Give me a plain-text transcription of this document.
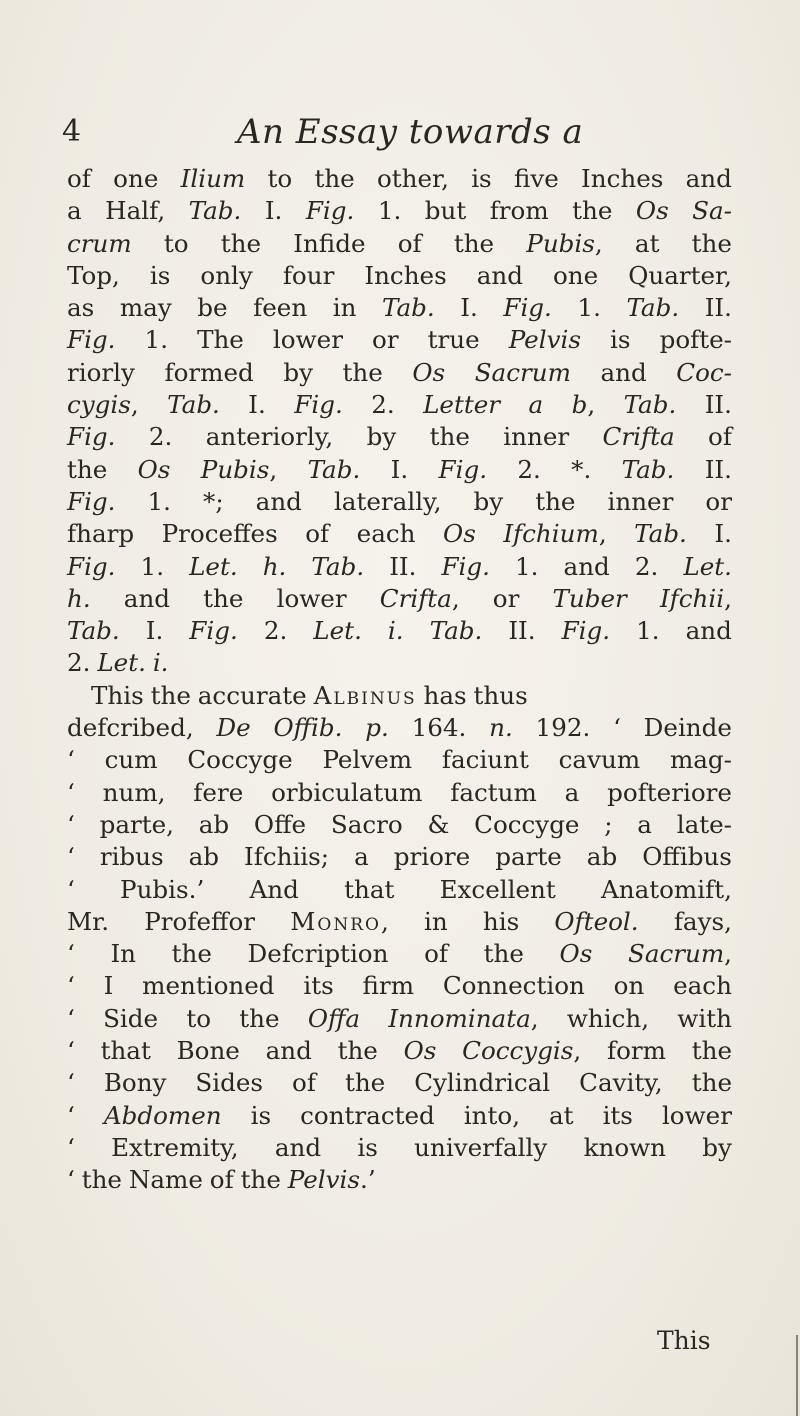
4	An Essay towards a
of one Ilium to the other, is five Inches and
a Half, Tab. I. Fig. 1. but from the Os Sa-
crum to the Infide of the Pubis, at the
Top, is only four Inches and one Quarter,
as may be feen in Tab. I. Fig. 1. Tab. II.
Fig. 1. The lower or true Pelvis is pofte-
riorly formed by the Os Sacrum and Coc-
cygis, Tab. I. Fig. 2. Letter a b, Tab. II.
Fig. 2. anteriorly, by the inner Crifta of
the Os Pubis, Tab. I. Fig. 2. *. Tab. II.
Fig. 1. *; and laterally, by the inner or
fharp Proceffes of each Os Ifchium, Tab. I.
Fig. 1. Let. h. Tab. II. Fig. 1. and 2. Let.
h. and the lower Crifta, or Tuber Ifchii,
Tab. I. Fig. 2. Let. i. Tab. II. Fig. 1. and
2. Let. i.
This the accurate Albinus has thus
defcribed, De Offib. p. 164. n. 192. ‘ Deinde
‘ cum Coccyge Pelvem faciunt cavum mag-
‘ num, fere orbiculatum factum a pofteriore
‘ parte, ab Offe Sacro & Coccyge ; a late-
‘ ribus ab Ifchiis; a priore parte ab Offibus
‘ Pubis.’ And that Excellent Anatomift,
Mr. Profeffor Monro, in his Ofteol. fays,
‘ In the Defcription of the Os Sacrum,
‘ I mentioned its firm Connection on each
‘ Side to the Offa Innominata, which, with
‘ that Bone and the Os Coccygis, form the
‘ Bony Sides of the Cylindrical Cavity, the
‘ Abdomen is contracted into, at its lower
‘ Extremity, and is univerfally known by
‘ the Name of the Pelvis.’
This
